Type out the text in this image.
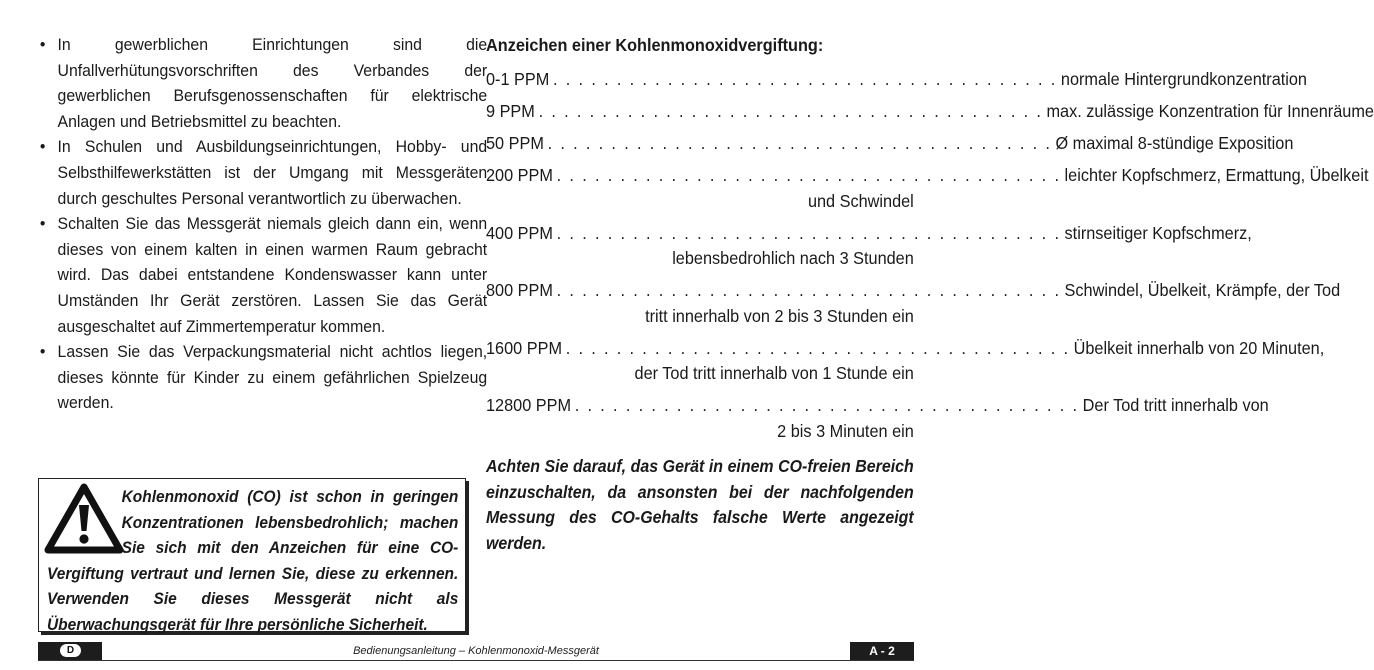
• In gewerblichen Einrichtungen sind die Unfallverhütungsvorschriften des Verbandes der gewerblichen Berufsgenossenschaften für elektrische Anlagen und Betriebsmittel zu beachten.
• In Schulen und Ausbildungseinrichtungen, Hobby- und Selbsthilfewerkstätten ist der Umgang mit Messgeräten durch geschultes Personal verantwortlich zu überwachen.
• Schalten Sie das Messgerät niemals gleich dann ein, wenn dieses von einem kalten in einen warmen Raum gebracht wird. Das dabei entstandene Kondenswasser kann unter Umständen Ihr Gerät zerstören. Lassen Sie das Gerät ausgeschaltet auf Zimmertemperatur kommen.
• Lassen Sie das Verpackungsmaterial nicht achtlos liegen, dieses könnte für Kinder zu einem gefährlichen Spielzeug werden.
Kohlenmonoxid (CO) ist schon in geringen Konzentrationen lebensbedrohlich; machen Sie sich mit den Anzeichen für eine CO-Vergiftung vertraut und lernen Sie, diese zu erkennen. Verwenden Sie dieses Messgerät nicht als Überwachungsgerät für Ihre persönliche Sicherheit.
Anzeichen einer Kohlenmonoxidvergiftung:
0-1 PPM . . . . . . . . . . . . . . . . . . . . . . . . . . . . . . . . . . . . . . . . normale Hintergrundkonzentration
9 PPM . . . . . . . . . . . . . . . . . . . . . . . . . . . . . . . . . . . . . . . . max. zulässige Konzentration für Innenräume
50 PPM . . . . . . . . . . . . . . . . . . . . . . . . . . . . . . . . . . . . . . . . Ø maximal 8-stündige Exposition
200 PPM . . . . . . . . . . . . . . . . . . . . . . . . . . . . . . . . . . . . . . . . leichter Kopfschmerz, Ermattung, Übelkeit
und Schwindel
400 PPM . . . . . . . . . . . . . . . . . . . . . . . . . . . . . . . . . . . . . . . . stirnseitiger Kopfschmerz,
lebensbedrohlich nach 3 Stunden
800 PPM . . . . . . . . . . . . . . . . . . . . . . . . . . . . . . . . . . . . . . . . Schwindel, Übelkeit, Krämpfe, der Tod
tritt innerhalb von 2 bis 3 Stunden ein
1600 PPM . . . . . . . . . . . . . . . . . . . . . . . . . . . . . . . . . . . . . . . . Übelkeit innerhalb von 20 Minuten,
der Tod tritt innerhalb von 1 Stunde ein
12800 PPM . . . . . . . . . . . . . . . . . . . . . . . . . . . . . . . . . . . . . . . . Der Tod tritt innerhalb von
2 bis 3 Minuten ein
Achten Sie darauf, das Gerät in einem CO-freien Bereich einzuschalten, da ansonsten bei der nachfolgenden Messung des CO-Gehalts falsche Werte angezeigt werden.
D	Bedienungsanleitung – Kohlenmonoxid-Messgerät	A - 2
